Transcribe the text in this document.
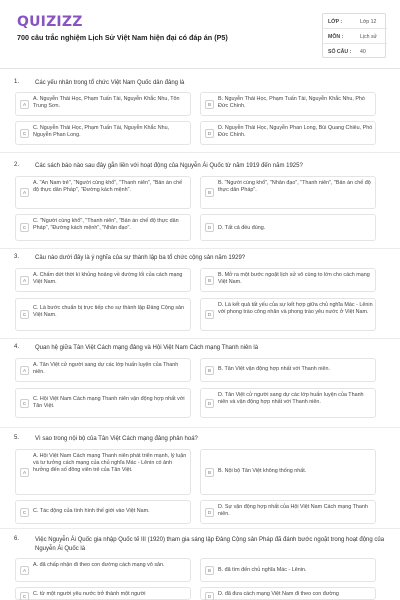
QUIZIZZ
700 câu trắc nghiệm Lịch Sử Việt Nam hiện đại có đáp án (P5)
LỚP :	Lớp 12
MÔN :	Lịch sử
SỐ CÂU : 40
1.	Các yếu nhân trong tổ chức Việt Nam Quốc dân đảng là
A
A. Nguyễn Thái Học, Phạm Tuấn Tài, Nguyễn Khắc Nhu, Tôn Trung Sơn.	B
B. Nguyễn Thái Học, Phạm Tuấn Tài, Nguyễn Khắc Nhu, Phó Đức Chính.
C
C. Nguyễn Thái Học, Phạm Tuấn Tài, Nguyễn Khắc Nhu, Nguyễn Phan Long.	D
D. Nguyễn Thái Học, Nguyễn Phan Long, Bùi Quang Chiêu, Phó Đức Chính.
2.	Các sách báo nào sau đây gắn liền với hoạt động của Nguyễn Ái Quốc từ năm 1919 đến năm 1925?
A
A. "An Nam trẻ", "Người cùng khổ", "Thanh niên", "Bản án chế độ thực dân Pháp", "Đường kách mệnh".	B
B. "Người cùng khổ", "Nhân đạo", "Thanh niên", "Bản án chế độ thực dân Pháp".
C
C. "Người cùng khổ", "Thanh niên", "Bản án chế độ thực dân Pháp", "Đường kách mệnh", "Nhân đạo".	D	D. Tất cả đều đúng.
3.	Câu nào dưới đây là ý nghĩa của sự thành lập ba tổ chức cộng sản năm 1929?
A
A. Chấm dứt thời kì khủng hoảng về đường lối của cách mạng Việt Nam.	B
B. Mở ra một bước ngoặt lịch sử vô cùng to lớn cho cách mạng Việt Nam.
C
C. Là bước chuẩn bị trực tiếp cho sự thành lập Đảng Cộng sản Việt Nam.	D
D. Là kết quả tất yếu của sự kết hợp giữa chủ nghĩa Mác - Lênin với phong trào công nhân và phong trào yêu nước ở Việt Nam.
4.	Quan hệ giữa Tân Việt Cách mạng đảng và Hội Việt Nam Cách mạng Thanh niên là
A
A. Tân Việt cử người sang dự các lớp huấn luyện của Thanh niên.	B	B. Tân Việt vận động hợp nhất với Thanh niên.
C
C. Hội Việt Nam Cách mạng Thanh niên vận động hợp nhất với Tân Việt.	D
D. Tân Việt cử người sang dự các lớp huấn luyện của Thanh niên và vận động hợp nhất với Thanh niên.
5.	Vì sao trong nội bộ của Tân Việt Cách mạng đảng phân hoá?
A
A. Hội Việt Nam Cách mạng Thanh niên phát triển mạnh, lý luận và tư tưởng cách mạng của chủ nghĩa Mác - Lênin có ảnh hưởng đến số đông viên trẻ của Tân Việt.	B	B. Nội bộ Tân Việt không thống nhất.
C	C. Tác động của tình hình thế giới vào Việt Nam.	D
D. Sự vận động hợp nhất của Hội Việt Nam Cách mạng Thanh niên.
6.	Việc Nguyễn Ái Quốc gia nhập Quốc tế III (1920) tham gia sáng lập Đảng Cộng sản Pháp đã đánh bước ngoặt trong hoạt động của Nguyễn Ái Quốc là
A
A. đã chấp nhận đi theo con đường cách mạng vô sản.
B	B. đã tìm đến chủ nghĩa Mác - Lênin.
C	C. từ một người yêu nước trở thành một người	D	D. đã đưa cách mạng Việt Nam đi theo con đường
